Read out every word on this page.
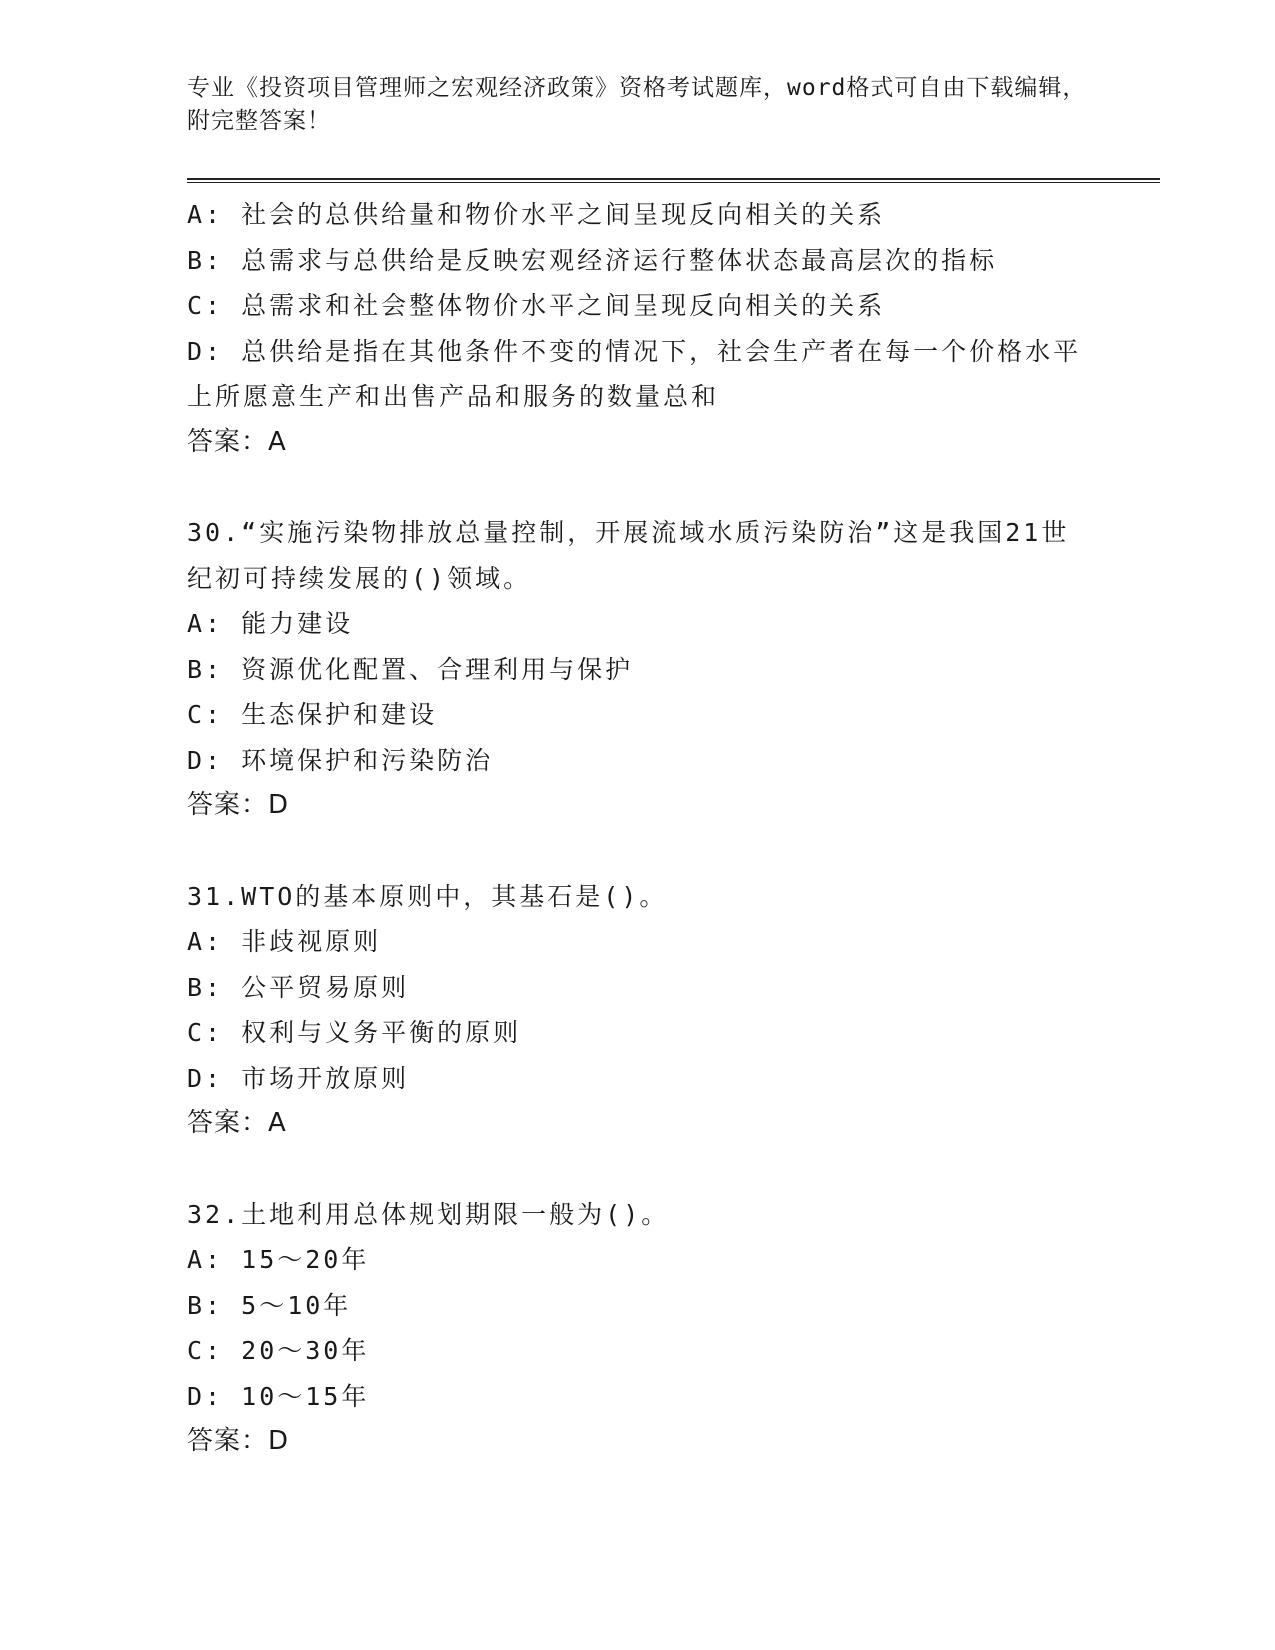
专业《投资项目管理师之宏观经济政策》资格考试题库，word格式可自由下载编辑，附完整答案！

A: 社会的总供给量和物价水平之间呈现反向相关的关系

B: 总需求与总供给是反映宏观经济运行整体状态最高层次的指标

C: 总需求和社会整体物价水平之间呈现反向相关的关系

D: 总供给是指在其他条件不变的情况下，社会生产者在每一个价格水平上所愿意生产和出售产品和服务的数量总和

答案：A

30.“实施污染物排放总量控制，开展流域水质污染防治”这是我国21世纪初可持续发展的()领域。

A: 能力建设

B: 资源优化配置、合理利用与保护

C: 生态保护和建设

D: 环境保护和污染防治

答案：D

31.WTO的基本原则中，其基石是()。

A: 非歧视原则

B: 公平贸易原则

C: 权利与义务平衡的原则

D: 市场开放原则

答案：A

32.土地利用总体规划期限一般为()。

A: 15～20年

B: 5～10年

C: 20～30年

D: 10～15年

答案：D
